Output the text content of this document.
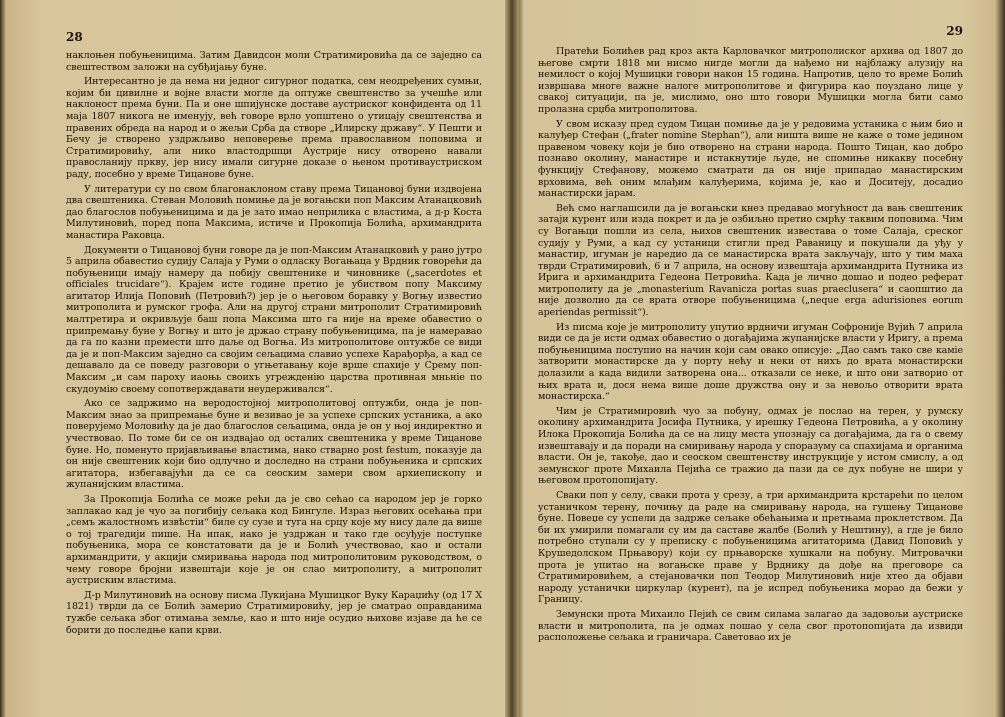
28

наклоњен побуњеницима. Затим Давидсон моли Стратимировића да се заједно са свештеством заложи на субђијању буне.

Интересантно је да нема ни једног сигурног податка, сем неодређених сумњи, којим би цивилне и војне власти могле да оптуже свештенство за учешће или наклоност према буни. Па и оне шпијунске доставе аустриског конфидента од 11 маја 1807 никога не именују, већ говоре врло уопштено о утицају свештенства и правених обреда на народ и о жељи Срба да створе „Илирску државу“. У Пешти и Бечу је створено уздржљиво неповерење према православном поповима и Стратимировићу, али нико властодршци Аустрије нису отворено навали правосланију пркву, јер нису имали сигурне доказе о њеном противаустриском раду, посебно у време Тицанове буне.

У литератури су по свом благонаклоном ставу према Тицановој буни издвојена два свештеника. Стеван Моловић помиње да је вогањски поп Максим Атанацковић дао благослов побуњеницима и да је зато имао неприлика с властима, а д-р Коста Милутиновић, поред попа Максима, истиче и Прокопија Болића, архимандрита манастира Раковца.

Документи о Тицановој буни говоре да је поп-Максим Атанацковић у рано јутро 5 априла обавестио судију Салаја у Руми о одласку Вогањаца у Врдник говорећи да побуњеници имају намеру да побију свештенике и чиновнике („sacerdotes et officiales trucidare“). Крајем исте године претио је убиством попу Максиму агитатор Илија Поповић (Петровић?) јер је о његовом боравку у Вогњу известио митрополита и румског грофа. Али на другој страни митрополит Стратимировић малтретира и окривљује баш попа Максима што га није на време обавестио о припремању буне у Вогњу и што је држао страну побуњеницима, па је намеравао да га по казни премести што даље од Вогња. Из митрополитове оптужбе се види да је и поп-Максим заједно са својим сељацима славио успехе Карађорђа, а кад се дешавало да се поведу разговори о угњетавању које врше спахије у Срему поп-Максим „и сам пароху иаоњь своихъ угрежденію царства противная мньніе по скудоумію своему сопотверждавати неудерживался“.

Ако се задржимо на веродостојној митрополитовој оптужби, онда је поп-Максим знао за припремање буне и везивао је за успехе српских устаника, а ако поверујемо Моловићу да је дао благослов сељацима, онда је он у њој индиректно и учествовао. По томе би се он издвајао од осталих свештеника у време Тицанове буне. Но, поменуто пријављивање властима, нако стварно post festum, показује да он није свештеник који био одлучно и доследно на страни побуњеника и српских агитатора, избегавајући да се са сеоским замери свом архиепископу и жупанијским властима.

За Прокопија Болића се може рећи да је сво сећао са народом јер је горко заплакао кад је чуо за погибију сељака код Бингуле. Израз његових осећања при „семъ жалостномъ извѣстіи“ биле су сузе и туга на срцу које му нису дале да више о тој трагедији пише. На ипак, иако је уздржан и тако где осуђује поступке побуњеника, мора се констатовати да је и Болић учествовао, као и остали архимандрити, у акцији смиривања народа под митрополитовим руководством, о чему говоре бројни извештаји које је он слао митрополиту, а митрополит аустриским властима.

Д-р Милутиновић на основу писма Лукијана Мушицког Вуку Караџићу (од 17 X 1821) тврди да се Болић замерио Стратимировићу, јер је сматрао оправданима тужбе сељака због отимања земље, као и што није осудио њихове изјаве да ће се борити до последње капи крви.

29

Пратећи Болићев рад кроз акта Карловачког митрополиског архива од 1807 до његове смрти 1818 ми нисмо нигде могли да нађемо ни најблажу алузију на немилост о којој Мушицки говори након 15 година. Напротив, цело то време Болић извршава многе важне налоге митрополитове и фигурира као поуздано лице у свакој ситуацији, па је, мислимо, оно што говори Мушицки могла бити само пролазна срџба митрополитова.

У свом исказу пред судом Тицан помиње да је у редовима устаника с њим био и калуђер Стефан („frater nomine Stephan“), али ништа више не каже о томе једином правеном човеку који је био отворено на страни народа. Пошто Тицан, као добро познаво околину, манастире и истакнутије људе, не спомиње никакву посебну функцију Стефанову, можемо сматрати да он није припадао манастирским врховима, већ оним млађим калуђерима, којима је, као и Доситеју, досадио манастирски јарам.

Већ смо наглашсили да је вогањски кнез предавао могућност да вањ свештеник затаји курент или изда покрет и да је озбиљно претио смрћу таквим поповима. Чим су Вогањци пошли из села, њихов свештеник известава о томе Салаја, срeског судију у Руми, а кад су устаници стигли пред Раваницу и покушали да уђу у манастир, игуман је наредио да се манастирска врата закључају, што у тим маха тврди Стратимировић, 6 и 7 априла, на основу извештаја архимандрита Путника из Ирига и архимандрита Гедеона Петровића. Када је лично дошао и подео реферат митрополиту да је „monasterium Ravanicza portas suas praeclusera“ и саопштио да није дозволио да се врата отворе побуњеницима („neque erga adurisiones eorum aperiendas permissit“).

Из писма које је митрополиту упутио врдничи игуман Софроније Вујић 7 априла види се да је исти одмах обавестио о догађајима жупанијске власти у Иригу, а према побуњеницима поступио на начин који сам овако описује: „Дао самъ тако све каміе затворити монастирске да у порту нећу и неки от нихъ до врата монастирски долазили а када видили затворена она... отказали се неке, и што они затворио от њих врата и, дося нема више доше дружства ону и за невољо отворити врата монастирска.“

Чим је Стратимировић чуо за побуну, одмах је послао на терен, у румску околину архимандрита Јосифа Путника, у ирешку Гедеона Петровића, а у околину Илока Прокопија Болића да се на лицу места упознају са догађајима, да га о свему извештавају и да поради на смиривању народа у споразуму са спахијама и органима власти. Он је, такође, дао и сеоском свештенству инструкције у истом смислу, а од земунског проте Михаила Пејића се тражио да пази да се дух побуне не шири у његовом протопопијату.

Сваки поп у селу, сваки прота у срезу, а три архимандрита крстарећи по целом устаничком терену, почињу да раде на смиривању народа, на гушењу Тицанове буне. Повеџе су успели да задрже сељаке обећањима и претњама проклетством. Да би их умирили помагали су им да саставе жалбе (Болић у Нештину), а где је било потребно ступали су у преписку с побуњеницима агитаторима (Давид Поповић у Крушедолском Прњавору) који су прњаворске хушкали на побуну. Митровачки прота је упитао на вогањске праве у Врднику да дође на преговоре са Стратимировићем, а стејановачки поп Теодор Милутиновић није хтео да објави народу устанички циркулар (курент), па је испред побуњеника морао да бежи у Границу.

Земунски прота Михаило Пејић се свим силама залагао да задовољи аустриске власти и митрополита, па је одмах пошао у села свог протопопијата да извиди расположење сељака и граничара. Саветовао их је
